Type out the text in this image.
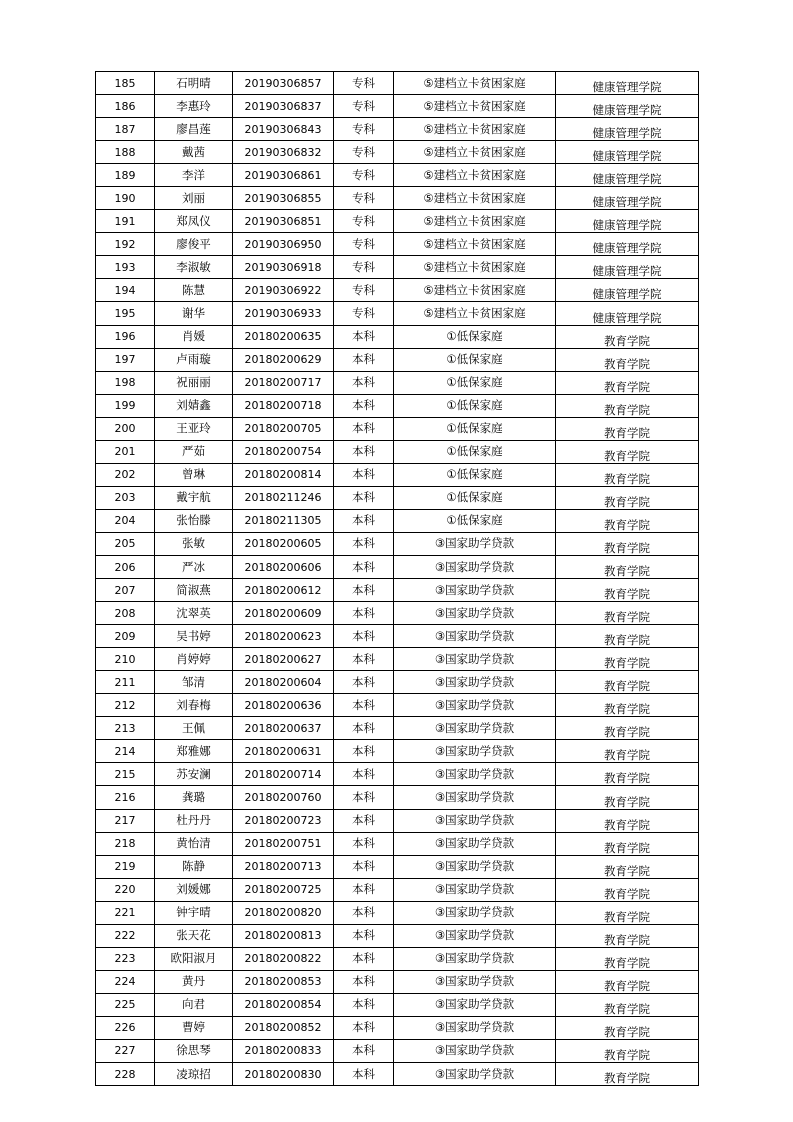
185	石明晴	20190306857	专科	⑤建档立卡贫困家庭	健康管理学院
186	李惠玲	20190306837	专科	⑤建档立卡贫困家庭	健康管理学院
187	廖昌莲	20190306843	专科	⑤建档立卡贫困家庭	健康管理学院
188	戴茜	20190306832	专科	⑤建档立卡贫困家庭	健康管理学院
189	李洋	20190306861	专科	⑤建档立卡贫困家庭	健康管理学院
190	刘丽	20190306855	专科	⑤建档立卡贫困家庭	健康管理学院
191	郑凤仪	20190306851	专科	⑤建档立卡贫困家庭	健康管理学院
192	廖俊平	20190306950	专科	⑤建档立卡贫困家庭	健康管理学院
193	李淑敏	20190306918	专科	⑤建档立卡贫困家庭	健康管理学院
194	陈慧	20190306922	专科	⑤建档立卡贫困家庭	健康管理学院
195	谢华	20190306933	专科	⑤建档立卡贫困家庭	健康管理学院
196	肖媛	20180200635	本科	①低保家庭	教育学院
197	卢雨璇	20180200629	本科	①低保家庭	教育学院
198	祝丽丽	20180200717	本科	①低保家庭	教育学院
199	刘婧鑫	20180200718	本科	①低保家庭	教育学院
200	王亚玲	20180200705	本科	①低保家庭	教育学院
201	严茹	20180200754	本科	①低保家庭	教育学院
202	曾琳	20180200814	本科	①低保家庭	教育学院
203	戴宇航	20180211246	本科	①低保家庭	教育学院
204	张怡滕	20180211305	本科	①低保家庭	教育学院
205	张敏	20180200605	本科	③国家助学贷款	教育学院
206	严冰	20180200606	本科	③国家助学贷款	教育学院
207	简淑燕	20180200612	本科	③国家助学贷款	教育学院
208	沈翠英	20180200609	本科	③国家助学贷款	教育学院
209	吴书婷	20180200623	本科	③国家助学贷款	教育学院
210	肖婷婷	20180200627	本科	③国家助学贷款	教育学院
211	邹清	20180200604	本科	③国家助学贷款	教育学院
212	刘春梅	20180200636	本科	③国家助学贷款	教育学院
213	王佩	20180200637	本科	③国家助学贷款	教育学院
214	郑雅娜	20180200631	本科	③国家助学贷款	教育学院
215	苏安澜	20180200714	本科	③国家助学贷款	教育学院
216	龚璐	20180200760	本科	③国家助学贷款	教育学院
217	杜丹丹	20180200723	本科	③国家助学贷款	教育学院
218	黄怡清	20180200751	本科	③国家助学贷款	教育学院
219	陈静	20180200713	本科	③国家助学贷款	教育学院
220	刘媛娜	20180200725	本科	③国家助学贷款	教育学院
221	钟宇晴	20180200820	本科	③国家助学贷款	教育学院
222	张天花	20180200813	本科	③国家助学贷款	教育学院
223	欧阳淑月	20180200822	本科	③国家助学贷款	教育学院
224	黄丹	20180200853	本科	③国家助学贷款	教育学院
225	向君	20180200854	本科	③国家助学贷款	教育学院
226	曹婷	20180200852	本科	③国家助学贷款	教育学院
227	徐思琴	20180200833	本科	③国家助学贷款	教育学院
228	凌琼招	20180200830	本科	③国家助学贷款	教育学院
